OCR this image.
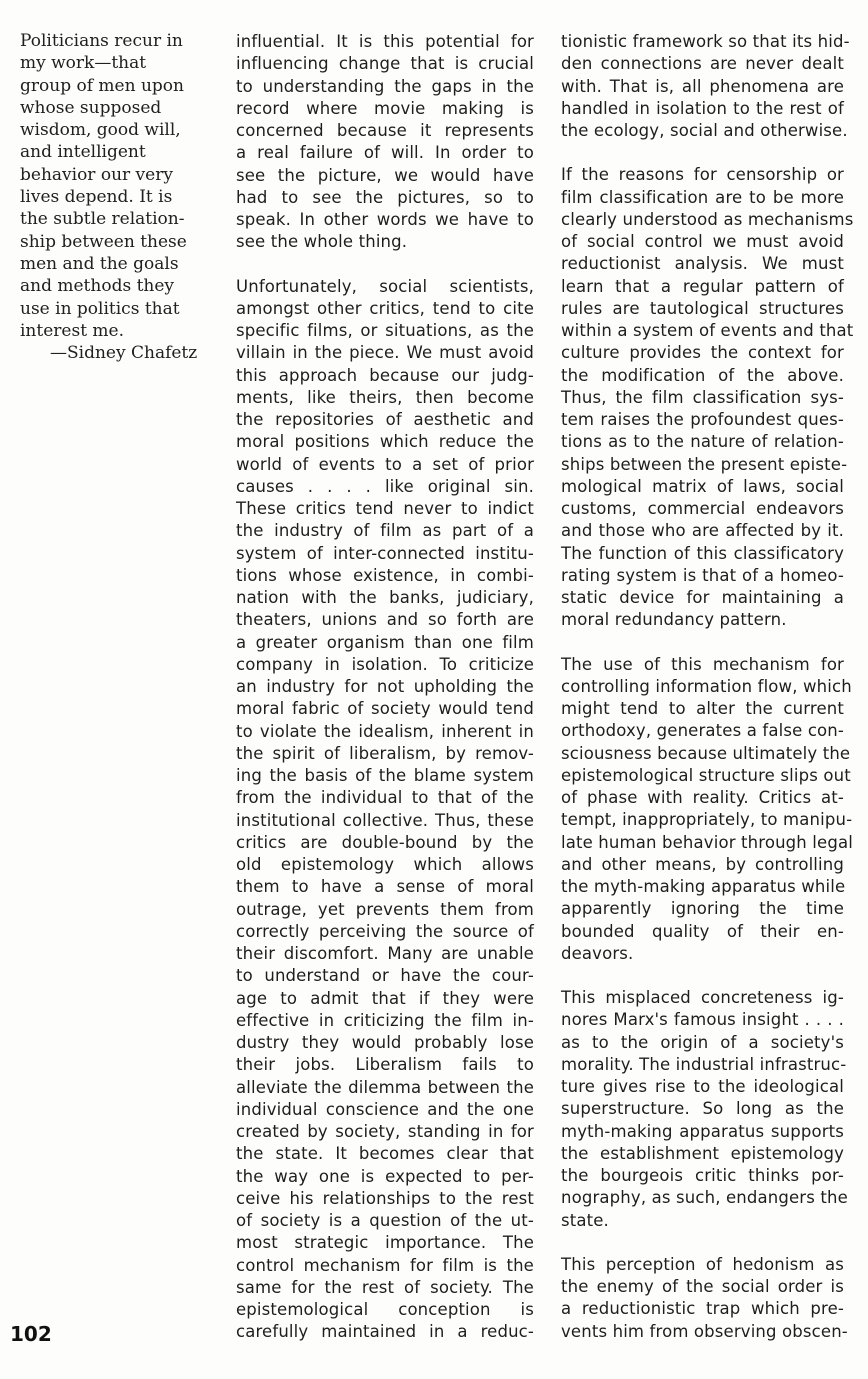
Politicians recur in
my work—that
group of men upon
whose supposed
wisdom, good will,
and intelligent
behavior our very
lives depend. It is
the subtle relation-
ship between these
men and the goals
and methods they
use in politics that
interest me.
—Sidney Chafetz
influential. It is this potential for
influencing change that is crucial
to understanding the gaps in the
record where movie making is
concerned because it represents
a real failure of will. In order to
see the picture, we would have
had to see the pictures, so to
speak. In other words we have to
see the whole thing.
Unfortunately, social scientists,
amongst other critics, tend to cite
specific films, or situations, as the
villain in the piece. We must avoid
this approach because our judg-
ments, like theirs, then become
the repositories of aesthetic and
moral positions which reduce the
world of events to a set of prior
causes . . . . like original sin.
These critics tend never to indict
the industry of film as part of a
system of inter-connected institu-
tions whose existence, in combi-
nation with the banks, judiciary,
theaters, unions and so forth are
a greater organism than one film
company in isolation. To criticize
an industry for not upholding the
moral fabric of society would tend
to violate the idealism, inherent in
the spirit of liberalism, by remov-
ing the basis of the blame system
from the individual to that of the
institutional collective. Thus, these
critics are double-bound by the
old epistemology which allows
them to have a sense of moral
outrage, yet prevents them from
correctly perceiving the source of
their discomfort. Many are unable
to understand or have the cour-
age to admit that if they were
effective in criticizing the film in-
dustry they would probably lose
their jobs. Liberalism fails to
alleviate the dilemma between the
individual conscience and the one
created by society, standing in for
the state. It becomes clear that
the way one is expected to per-
ceive his relationships to the rest
of society is a question of the ut-
most strategic importance. The
control mechanism for film is the
same for the rest of society. The
epistemological conception is
carefully maintained in a reduc-
tionistic framework so that its hid-
den connections are never dealt
with. That is, all phenomena are
handled in isolation to the rest of
the ecology, social and otherwise.
If the reasons for censorship or
film classification are to be more
clearly understood as mechanisms
of social control we must avoid
reductionist analysis. We must
learn that a regular pattern of
rules are tautological structures
within a system of events and that
culture provides the context for
the modification of the above.
Thus, the film classification sys-
tem raises the profoundest ques-
tions as to the nature of relation-
ships between the present episte-
mological matrix of laws, social
customs, commercial endeavors
and those who are affected by it.
The function of this classificatory
rating system is that of a homeo-
static device for maintaining a
moral redundancy pattern.
The use of this mechanism for
controlling information flow, which
might tend to alter the current
orthodoxy, generates a false con-
sciousness because ultimately the
epistemological structure slips out
of phase with reality. Critics at-
tempt, inappropriately, to manipu-
late human behavior through legal
and other means, by controlling
the myth-making apparatus while
apparently ignoring the time
bounded quality of their en-
deavors.
This misplaced concreteness ig-
nores Marx's famous insight . . . .
as to the origin of a society's
morality. The industrial infrastruc-
ture gives rise to the ideological
superstructure. So long as the
myth-making apparatus supports
the establishment epistemology
the bourgeois critic thinks por-
nography, as such, endangers the
state.
This perception of hedonism as
the enemy of the social order is
a reductionistic trap which pre-
vents him from observing obscen-
102
